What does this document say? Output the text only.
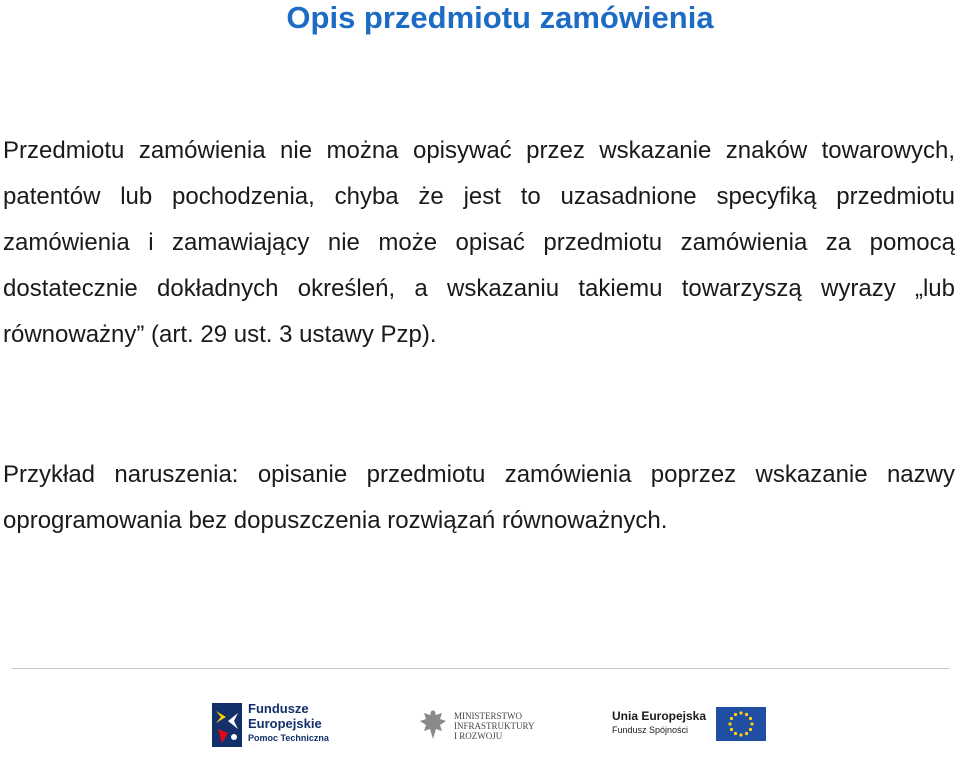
Opis przedmiotu zamówienia
Przedmiotu zamówienia nie można opisywać przez wskazanie znaków towarowych, patentów lub pochodzenia, chyba że jest to uzasadnione specyfiką przedmiotu zamówienia i zamawiający nie może opisać przedmiotu zamówienia za pomocą dostatecznie dokładnych określeń, a wskazaniu takiemu towarzyszą wyrazy „lub równoważny” (art. 29 ust. 3 ustawy Pzp).
Przykład naruszenia: opisanie przedmiotu zamówienia poprzez wskazanie nazwy oprogramowania bez dopuszczenia rozwiązań równoważnych.
Fundusze
Europejskie
Pomoc Techniczna
MINISTERSTWO
INFRASTRUKTURY
I ROZWOJU
Unia Europejska
Fundusz Spójności
